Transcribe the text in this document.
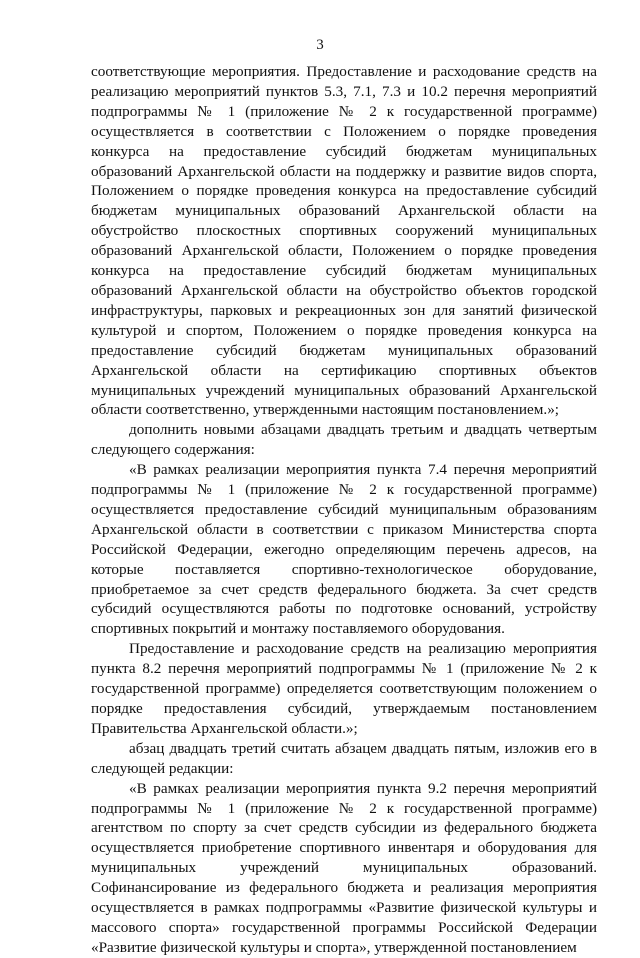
3

соответствующие мероприятия. Предоставление и расходование средств на реализацию мероприятий пунктов 5.3, 7.1, 7.3 и 10.2 перечня мероприятий подпрограммы № 1 (приложение № 2 к государственной программе) осуществляется в соответствии с Положением о порядке проведения конкурса на предоставление субсидий бюджетам муниципальных образований Архангельской области на поддержку и развитие видов спорта, Положением о порядке проведения конкурса на предоставление субсидий бюджетам муниципальных образований Архангельской области на обустройство плоскостных спортивных сооружений муниципальных образований Архангельской области, Положением о порядке проведения конкурса на предоставление субсидий бюджетам муниципальных образований Архангельской области на обустройство объектов городской инфраструктуры, парковых и рекреационных зон для занятий физической культурой и спортом, Положением о порядке проведения конкурса на предоставление субсидий бюджетам муниципальных образований Архангельской области на сертификацию спортивных объектов муниципальных учреждений муниципальных образований Архангельской области соответственно, утвержденными настоящим постановлением.»;

дополнить новыми абзацами двадцать третьим и двадцать четвертым следующего содержания:

«В рамках реализации мероприятия пункта 7.4 перечня мероприятий подпрограммы № 1 (приложение № 2 к государственной программе) осуществляется предоставление субсидий муниципальным образованиям Архангельской области в соответствии с приказом Министерства спорта Российской Федерации, ежегодно определяющим перечень адресов, на которые поставляется спортивно-технологическое оборудование, приобретаемое за счет средств федерального бюджета. За счет средств субсидий осуществляются работы по подготовке оснований, устройству спортивных покрытий и монтажу поставляемого оборудования.

Предоставление и расходование средств на реализацию мероприятия пункта 8.2 перечня мероприятий подпрограммы № 1 (приложение № 2 к государственной программе) определяется соответствующим положением о порядке предоставления субсидий, утверждаемым постановлением Правительства Архангельской области.»;

абзац двадцать третий считать абзацем двадцать пятым, изложив его в следующей редакции:

«В рамках реализации мероприятия пункта 9.2 перечня мероприятий подпрограммы № 1 (приложение № 2 к государственной программе) агентством по спорту за счет средств субсидии из федерального бюджета осуществляется приобретение спортивного инвентаря и оборудования для муниципальных учреждений муниципальных образований. Софинансирование из федерального бюджета и реализация мероприятия осуществляется в рамках подпрограммы «Развитие физической культуры и массового спорта» государственной программы Российской Федерации «Развитие физической культуры и спорта», утвержденной постановлением
